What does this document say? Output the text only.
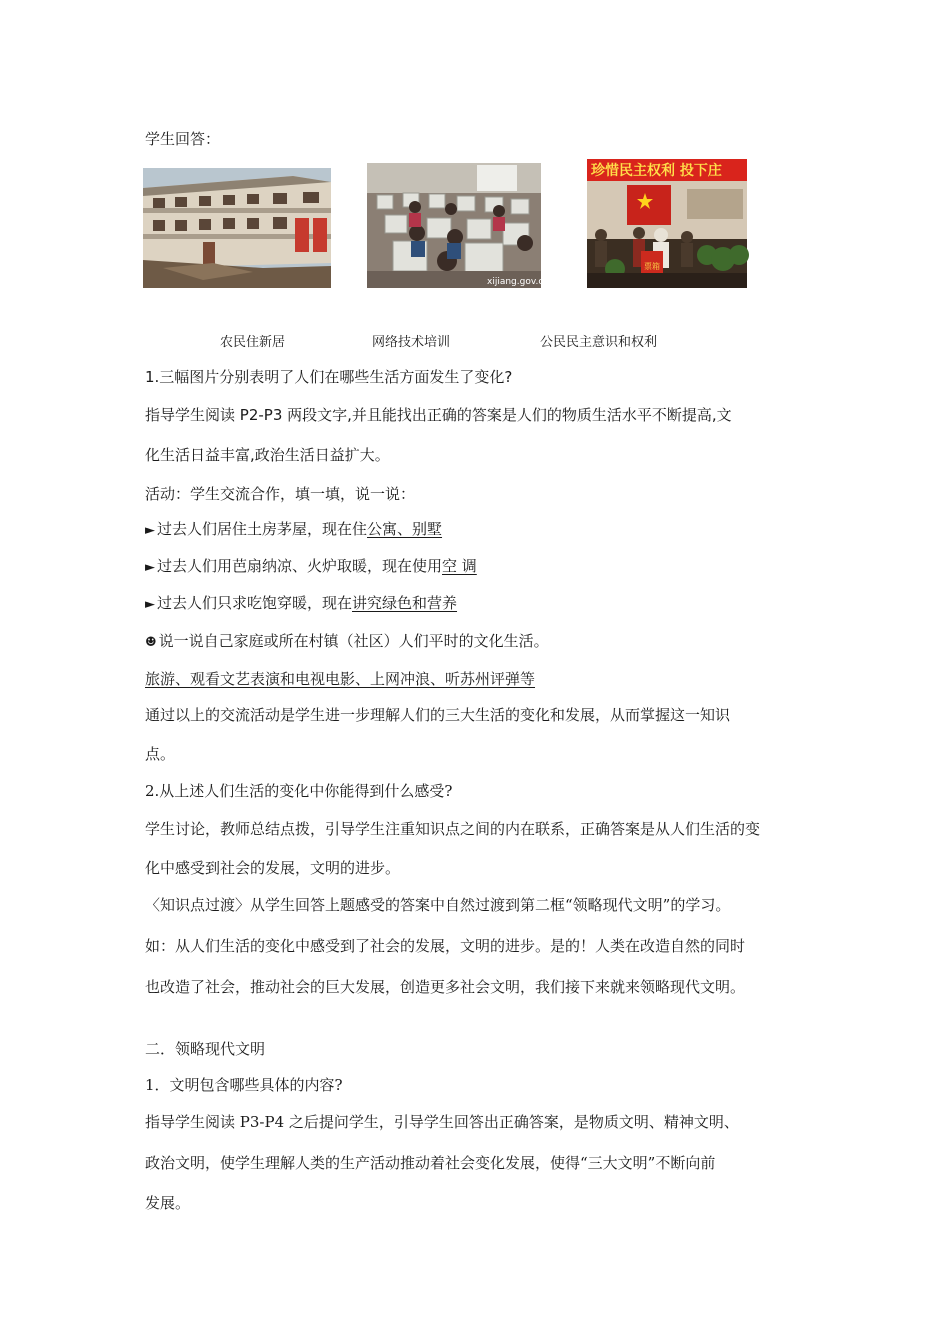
学生回答：
xijiang.gov.cn
珍惜民主权利 投下庄
票箱
农民住新居	网络技术培训	公民民主意识和权利
1.三幅图片分别表明了人们在哪些生活方面发生了变化?
指导学生阅读 P2-P3 两段文字,并且能找出正确的答案是人们的物质生活水平不断提高,文
化生活日益丰富,政治生活日益扩大。
活动：学生交流合作，填一填，说一说：
► 过去人们居住土房茅屋，现在住公寓、别墅
► 过去人们用芭扇纳凉、火炉取暖，现在使用空 调
► 过去人们只求吃饱穿暖，现在讲究绿色和营养
☻ 说一说自己家庭或所在村镇（社区）人们平时的文化生活。
旅游、观看文艺表演和电视电影、上网冲浪、听苏州评弹等
通过以上的交流活动是学生进一步理解人们的三大生活的变化和发展，从而掌握这一知识
点。
2.从上述人们生活的变化中你能得到什么感受?
学生讨论，教师总结点拨，引导学生注重知识点之间的内在联系，正确答案是从人们生活的变
化中感受到社会的发展，文明的进步。
〈知识点过渡〉从学生回答上题感受的答案中自然过渡到第二框“领略现代文明”的学习。
如：从人们生活的变化中感受到了社会的发展，文明的进步。是的！人类在改造自然的同时
也改造了社会，推动社会的巨大发展，创造更多社会文明，我们接下来就来领略现代文明。
二．领略现代文明
1．文明包含哪些具体的内容?
指导学生阅读 P3-P4 之后提问学生，引导学生回答出正确答案，是物质文明、精神文明、
政治文明，使学生理解人类的生产活动推动着社会变化发展，使得“三大文明”不断向前
发展。
